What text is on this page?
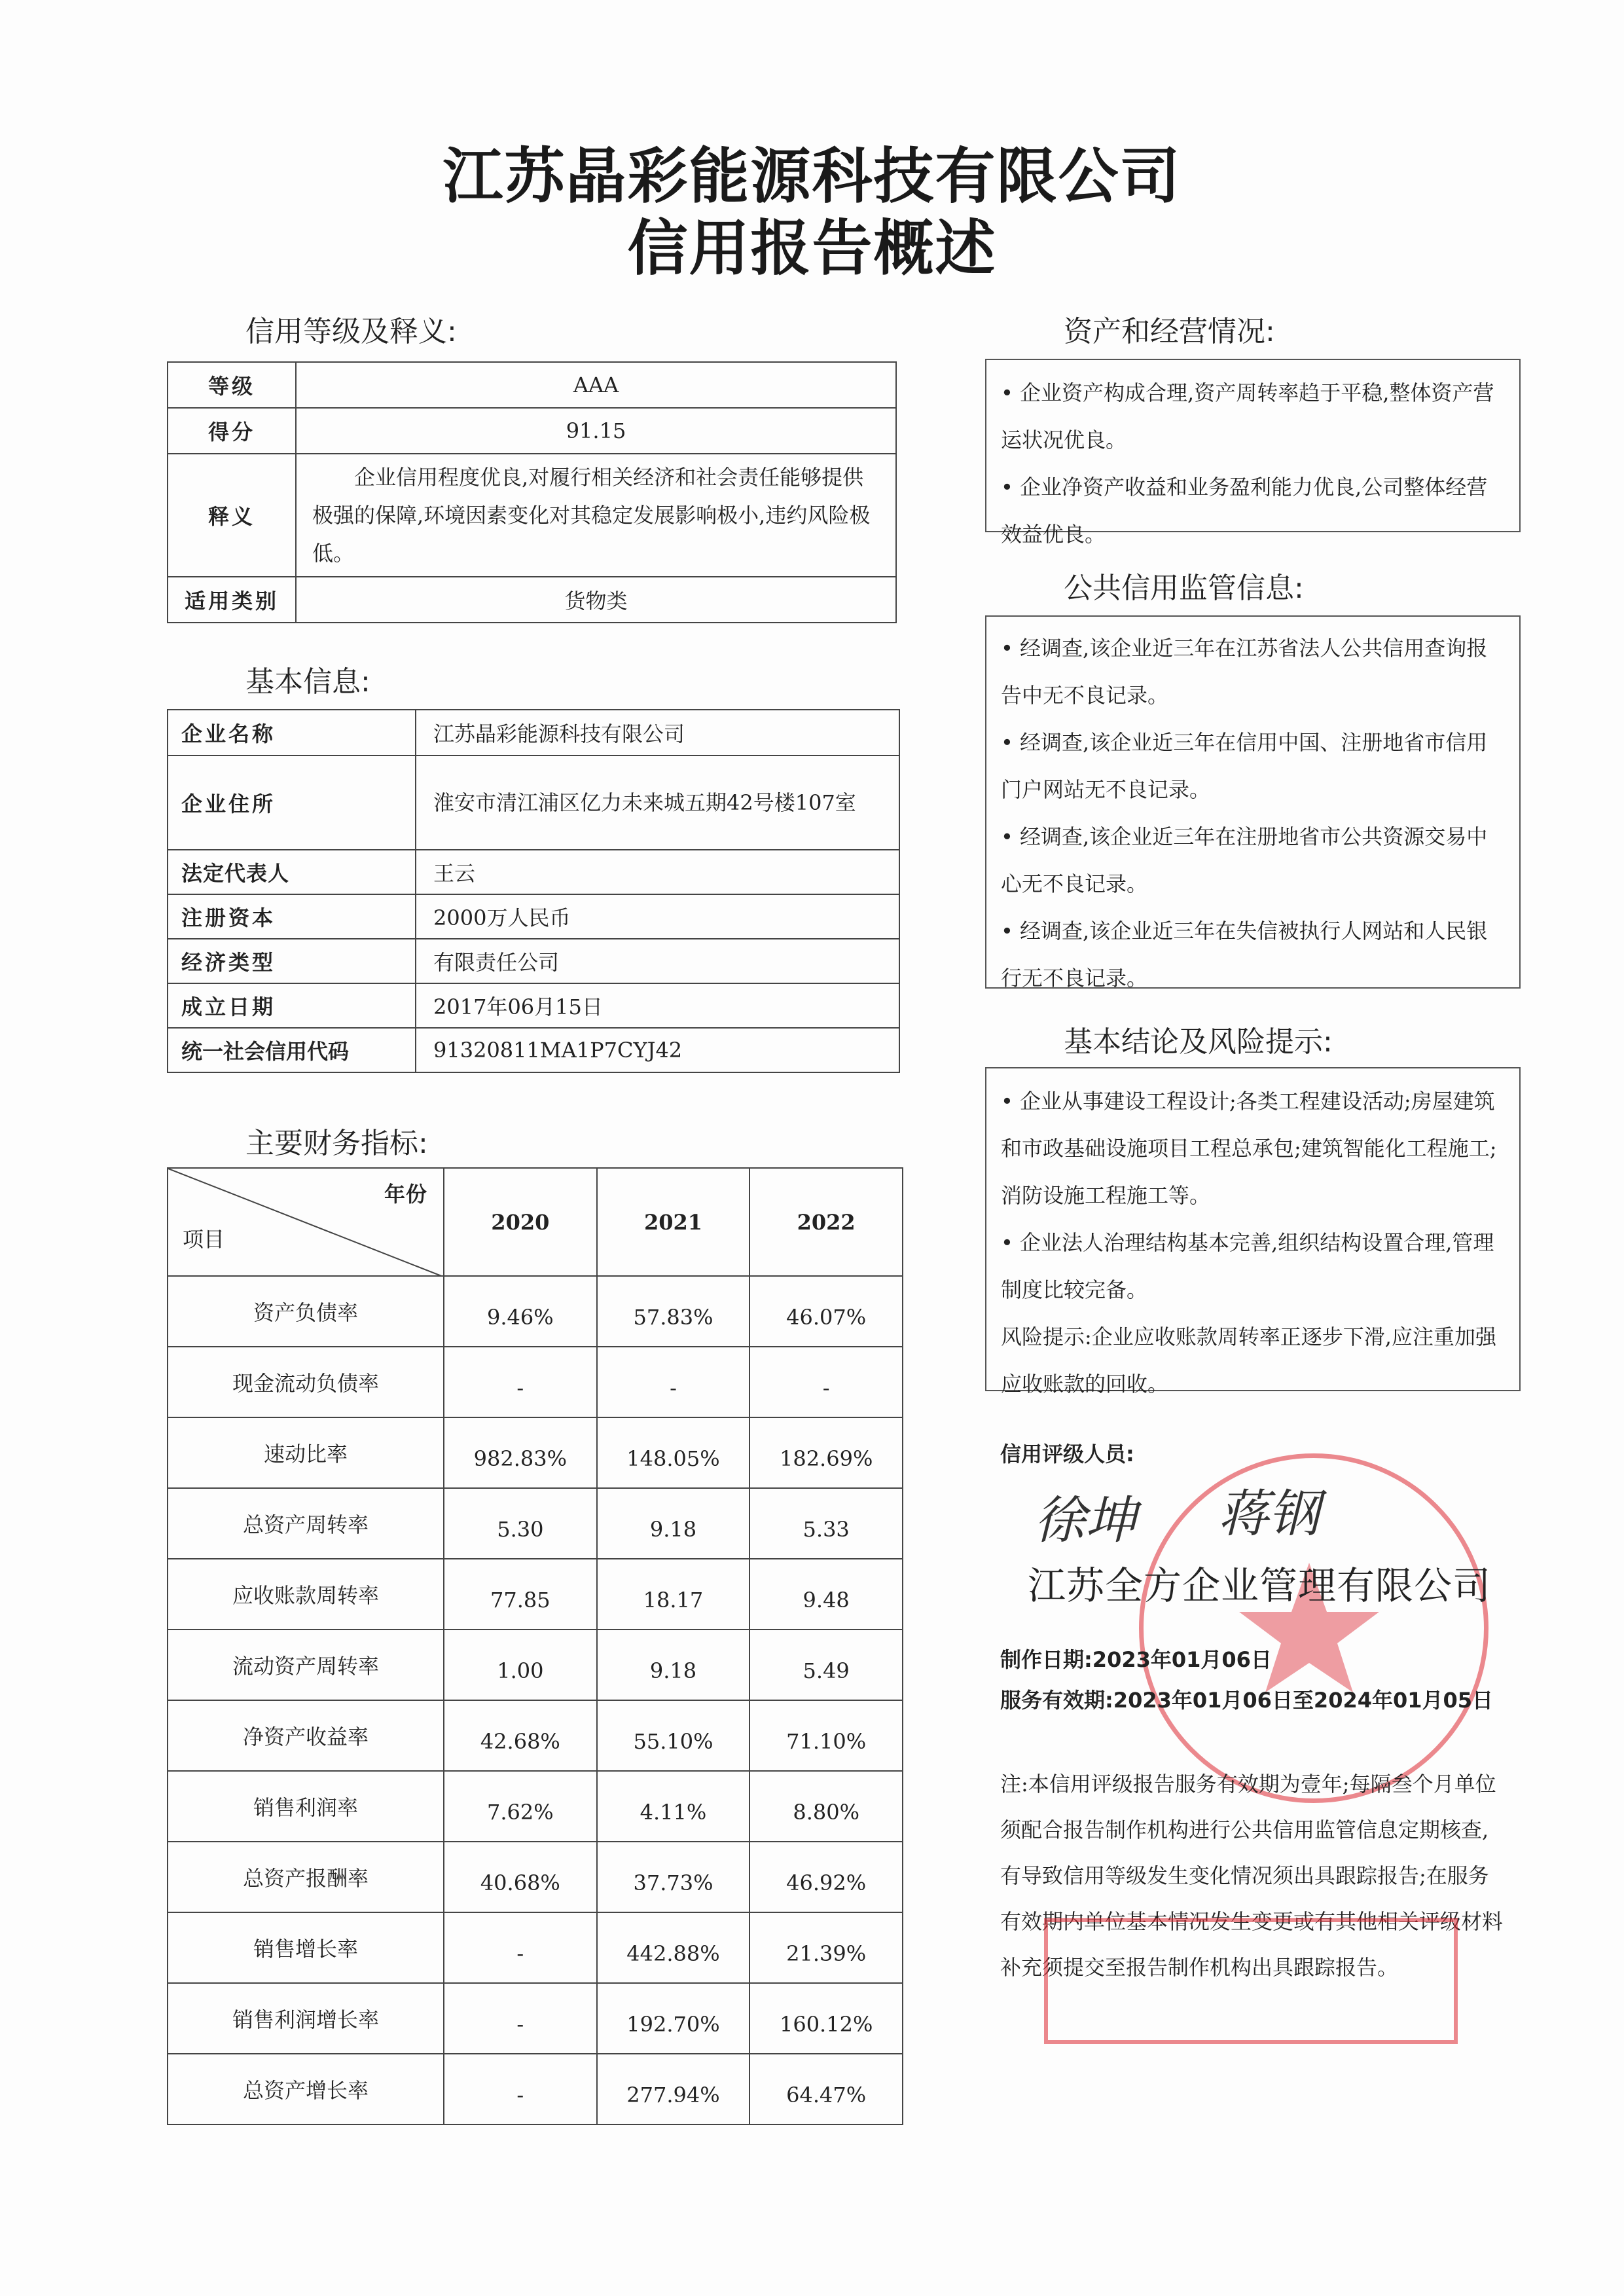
江苏晶彩能源科技有限公司
信用报告概述
信用等级及释义:
等级	AAA
得分	91.15
释义	企业信用程度优良,对履行相关经济和社会责任能够提供极强的保障,环境因素变化对其稳定发展影响极小,违约风险极低。
适用类别	货物类
基本信息:
企业名称	江苏晶彩能源科技有限公司
企业住所	淮安市清江浦区亿力未来城五期42号楼107室
法定代表人	王云
注册资本	2000万人民币
经济类型	有限责任公司
成立日期	2017年06月15日
统一社会信用代码	91320811MA1P7CYJ42
主要财务指标:
年份
项目	2020	2021	2022
资产负债率	9.46%	57.83%	46.07%
现金流动负债率	-	-	-
速动比率	982.83%	148.05%	182.69%
总资产周转率	5.30	9.18	5.33
应收账款周转率	77.85	18.17	9.48
流动资产周转率	1.00	9.18	5.49
净资产收益率	42.68%	55.10%	71.10%
销售利润率	7.62%	4.11%	8.80%
总资产报酬率	40.68%	37.73%	46.92%
销售增长率	-	442.88%	21.39%
销售利润增长率	-	192.70%	160.12%
总资产增长率	-	277.94%	64.47%
资产和经营情况:

• 企业资产构成合理,资产周转率趋于平稳,整体资产营运状况优良。

• 企业净资产收益和业务盈利能力优良,公司整体经营效益优良。

公共信用监管信息:

• 经调查,该企业近三年在江苏省法人公共信用查询报告中无不良记录。

• 经调查,该企业近三年在信用中国、注册地省市信用门户网站无不良记录。

• 经调查,该企业近三年在注册地省市公共资源交易中心无不良记录。

• 经调查,该企业近三年在失信被执行人网站和人民银行无不良记录。

基本结论及风险提示:

• 企业从事建设工程设计;各类工程建设活动;房屋建筑和市政基础设施项目工程总承包;建筑智能化工程施工;消防设施工程施工等。

• 企业法人治理结构基本完善,组织结构设置合理,管理制度比较完备。

风险提示:企业应收账款周转率正逐步下滑,应注重加强应收账款的回收。

信用评级人员:
徐坤 蒋钢
江苏全方企业管理有限公司
制作日期:2023年01月06日
服务有效期:2023年01月06日至2024年01月05日
注:本信用评级报告服务有效期为壹年;每隔叁个月单位须配合报告制作机构进行公共信用监管信息定期核查,有导致信用等级发生变化情况须出具跟踪报告;在服务有效期内单位基本情况发生变更或有其他相关评级材料补充须提交至报告制作机构出具跟踪报告。
